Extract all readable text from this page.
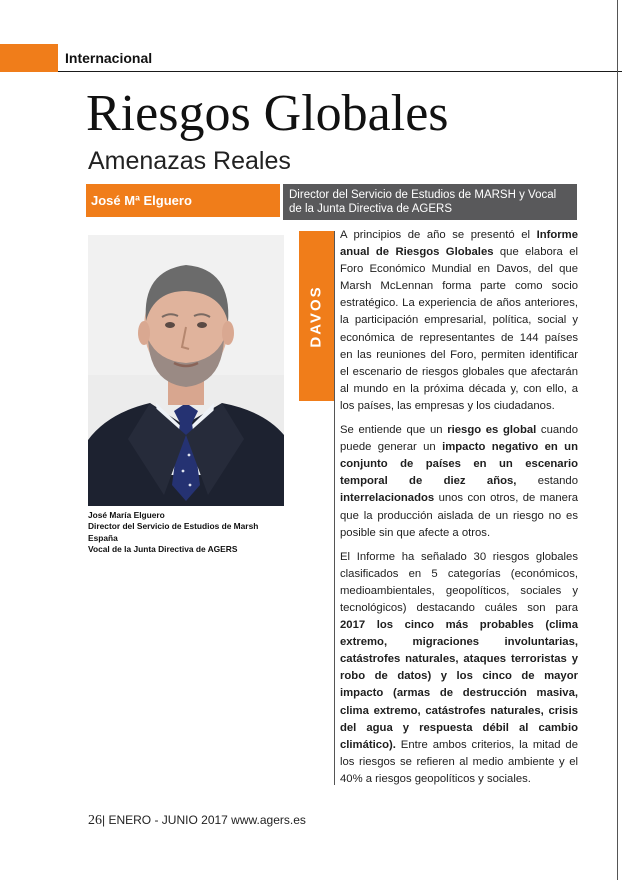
Internacional
Riesgos Globales
Amenazas Reales
José Mª Elguero	Director del Servicio de Estudios de MARSH y Vocal de la Junta Directiva de AGERS
José María Elguero
Director del Servicio de Estudios de Marsh
España
Vocal de la Junta Directiva de AGERS
DAVOS

A principios de año se presentó el Informe anual de Riesgos Globales que elabora el Foro Económico Mundial en Davos, del que Marsh McLennan forma parte como socio estratégico. La experiencia de años anteriores, la participación empresarial, política, social y económica de representantes de 144 países en las reuniones del Foro, permiten identificar el escenario de riesgos globales que afectarán al mundo en la próxima década y, con ello, a los países, las empresas y los ciudadanos.

Se entiende que un riesgo es global cuando puede generar un impacto negativo en un conjunto de países en un escenario temporal de diez años, estando interrelacionados unos con otros, de manera que la producción aislada de un riesgo no es posible sin que afecte a otros.

El Informe ha señalado 30 riesgos globales clasificados en 5 categorías (económicos, medioambientales, geopolíticos, sociales y tecnológicos) destacando cuáles son para 2017 los cinco más probables (clima extremo, migraciones involuntarias, catástrofes naturales, ataques terroristas y robo de datos) y los cinco de mayor impacto (armas de destrucción masiva, clima extremo, catástrofes naturales, crisis del agua y respuesta débil al cambio climático). Entre ambos criterios, la mitad de los riesgos se refieren al medio ambiente y el 40% a riesgos geopolíticos y sociales.

26| ENERO - JUNIO 2017 www.agers.es
